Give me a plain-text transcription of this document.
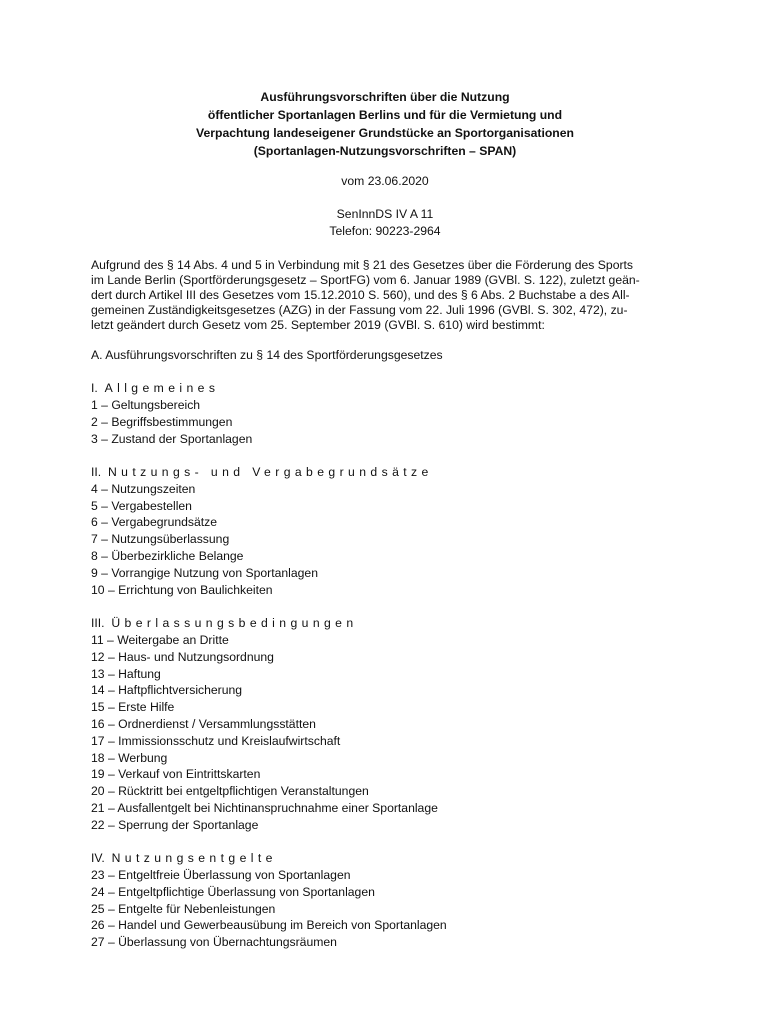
Ausführungsvorschriften über die Nutzung
öffentlicher Sportanlagen Berlins und für die Vermietung und
Verpachtung landeseigener Grundstücke an Sportorganisationen
(Sportanlagen-Nutzungsvorschriften – SPAN)
vom 23.06.2020
SenInnDS IV A 11
Telefon: 90223-2964
Aufgrund des § 14 Abs. 4 und 5 in Verbindung mit § 21 des Gesetzes über die Förderung des Sports
im Lande Berlin (Sportförderungsgesetz – SportFG) vom 6. Januar 1989 (GVBl. S. 122), zuletzt geän-
dert durch Artikel III des Gesetzes vom 15.12.2010 S. 560), und des § 6 Abs. 2 Buchstabe a des All-
gemeinen Zuständigkeitsgesetzes (AZG) in der Fassung vom 22. Juli 1996 (GVBl. S. 302, 472), zu-
letzt geändert durch Gesetz vom 25. September 2019 (GVBl. S. 610) wird bestimmt:
A. Ausführungsvorschriften zu § 14 des Sportförderungsgesetzes
I. Allgemeines
1 – Geltungsbereich
2 – Begriffsbestimmungen
3 – Zustand der Sportanlagen
II. Nutzungs- und Vergabegrundsätze
4 – Nutzungszeiten
5 – Vergabestellen
6 – Vergabegrundsätze
7 – Nutzungsüberlassung
8 – Überbezirkliche Belange
9 – Vorrangige Nutzung von Sportanlagen
10 – Errichtung von Baulichkeiten
III. Überlassungsbedingungen
11 – Weitergabe an Dritte
12 – Haus- und Nutzungsordnung
13 – Haftung
14 – Haftpflichtversicherung
15 – Erste Hilfe
16 – Ordnerdienst / Versammlungsstätten
17 – Immissionsschutz und Kreislaufwirtschaft
18 – Werbung
19 – Verkauf von Eintrittskarten
20 – Rücktritt bei entgeltpflichtigen Veranstaltungen
21 – Ausfallentgelt bei Nichtinanspruchnahme einer Sportanlage
22 – Sperrung der Sportanlage
IV. Nutzungsentgelte
23 – Entgeltfreie Überlassung von Sportanlagen
24 – Entgeltpflichtige Überlassung von Sportanlagen
25 – Entgelte für Nebenleistungen
26 – Handel und Gewerbeausübung im Bereich von Sportanlagen
27 – Überlassung von Übernachtungsräumen
